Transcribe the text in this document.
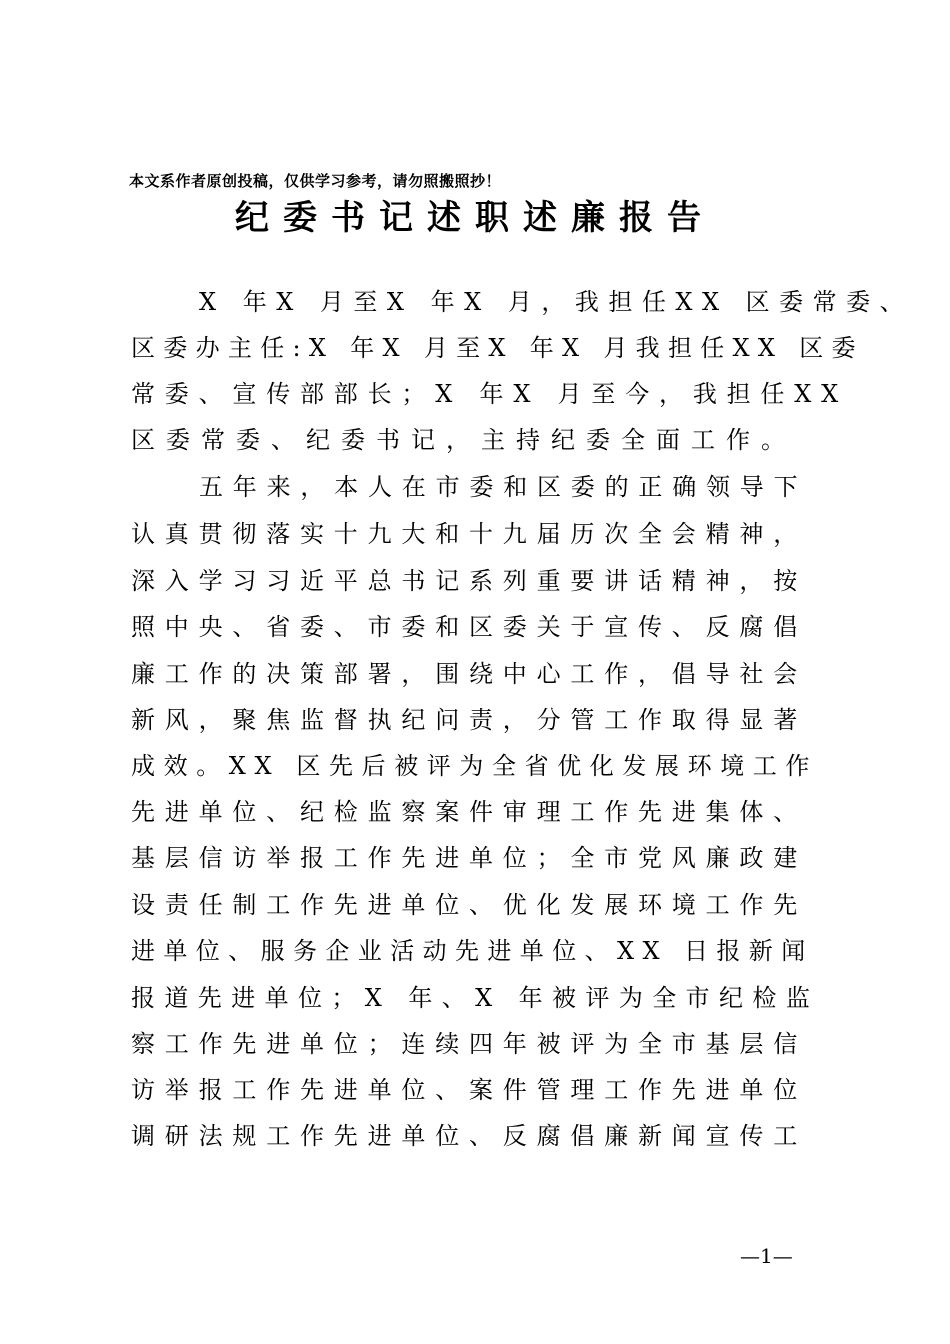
本文系作者原创投稿，仅供学习参考，请勿照搬照抄！
纪委书记述职述廉报告
X 年X 月至X 年X 月，我担任XX 区委常委、
区委办主任:X 年X 月至X 年X 月我担任XX 区委
常委、宣传部部长；X 年X 月至今，我担任XX
区委常委、纪委书记，主持纪委全面工作。
五年来，本人在市委和区委的正确领导下
认真贯彻落实十九大和十九届历次全会精神，
深入学习习近平总书记系列重要讲话精神，按
照中央、省委、市委和区委关于宣传、反腐倡
廉工作的决策部署，围绕中心工作，倡导社会
新风，聚焦监督执纪问责，分管工作取得显著
成效。XX 区先后被评为全省优化发展环境工作
先进单位、纪检监察案件审理工作先进集体、
基层信访举报工作先进单位；全市党风廉政建
设责任制工作先进单位、优化发展环境工作先
进单位、服务企业活动先进单位、XX 日报新闻
报道先进单位；X 年、X 年被评为全市纪检监
察工作先进单位；连续四年被评为全市基层信
访举报工作先进单位、案件管理工作先进单位
调研法规工作先进单位、反腐倡廉新闻宣传工
—1—
